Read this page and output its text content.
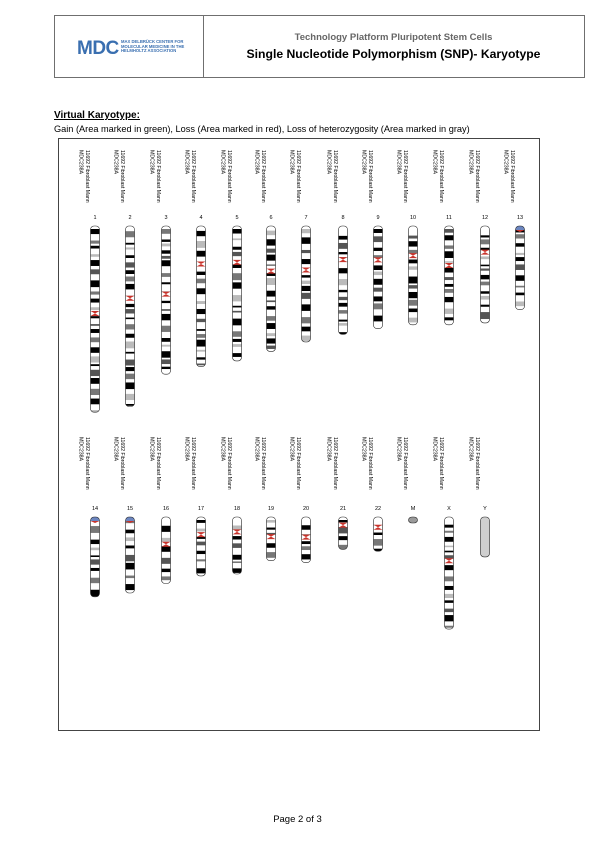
MDC MAX DELBRÜCK CENTER FOR MOLECULAR MEDICINE IN THE HELMHOLTZ ASSOCIATION
Technology Platform Pluripotent Stem Cells
Single Nucleotide Polymorphism (SNP)- Karyotype
Virtual Karyotype:
Gain (Area marked in green), Loss (Area marked in red), Loss of heterozygosity (Area marked in gray)
11692 Fibroblast MannMDC238A
1
11692 Fibroblast MannMDC238A
2
11692 Fibroblast MannMDC238A
3
11692 Fibroblast MannMDC238A
4
11692 Fibroblast MannMDC238A
5
11692 Fibroblast MannMDC238A
6
11692 Fibroblast MannMDC238A
7
11692 Fibroblast MannMDC238A
8
11692 Fibroblast MannMDC238A
9
11692 Fibroblast MannMDC238A
10
11692 Fibroblast MannMDC238A
11
11692 Fibroblast MannMDC238A
12
11692 Fibroblast MannMDC238A
13
11692 Fibroblast MannMDC238A
14
11692 Fibroblast MannMDC238A
15
11692 Fibroblast MannMDC238A
16
11692 Fibroblast MannMDC238A
17
11692 Fibroblast MannMDC238A
18
11692 Fibroblast MannMDC238A
19
11692 Fibroblast MannMDC238A
20
11692 Fibroblast MannMDC238A
21
11692 Fibroblast MannMDC238A
22
11692 Fibroblast MannMDC238A
M
11692 Fibroblast MannMDC238A
X
11692 Fibroblast MannMDC238A
Y
Page 2 of 3
